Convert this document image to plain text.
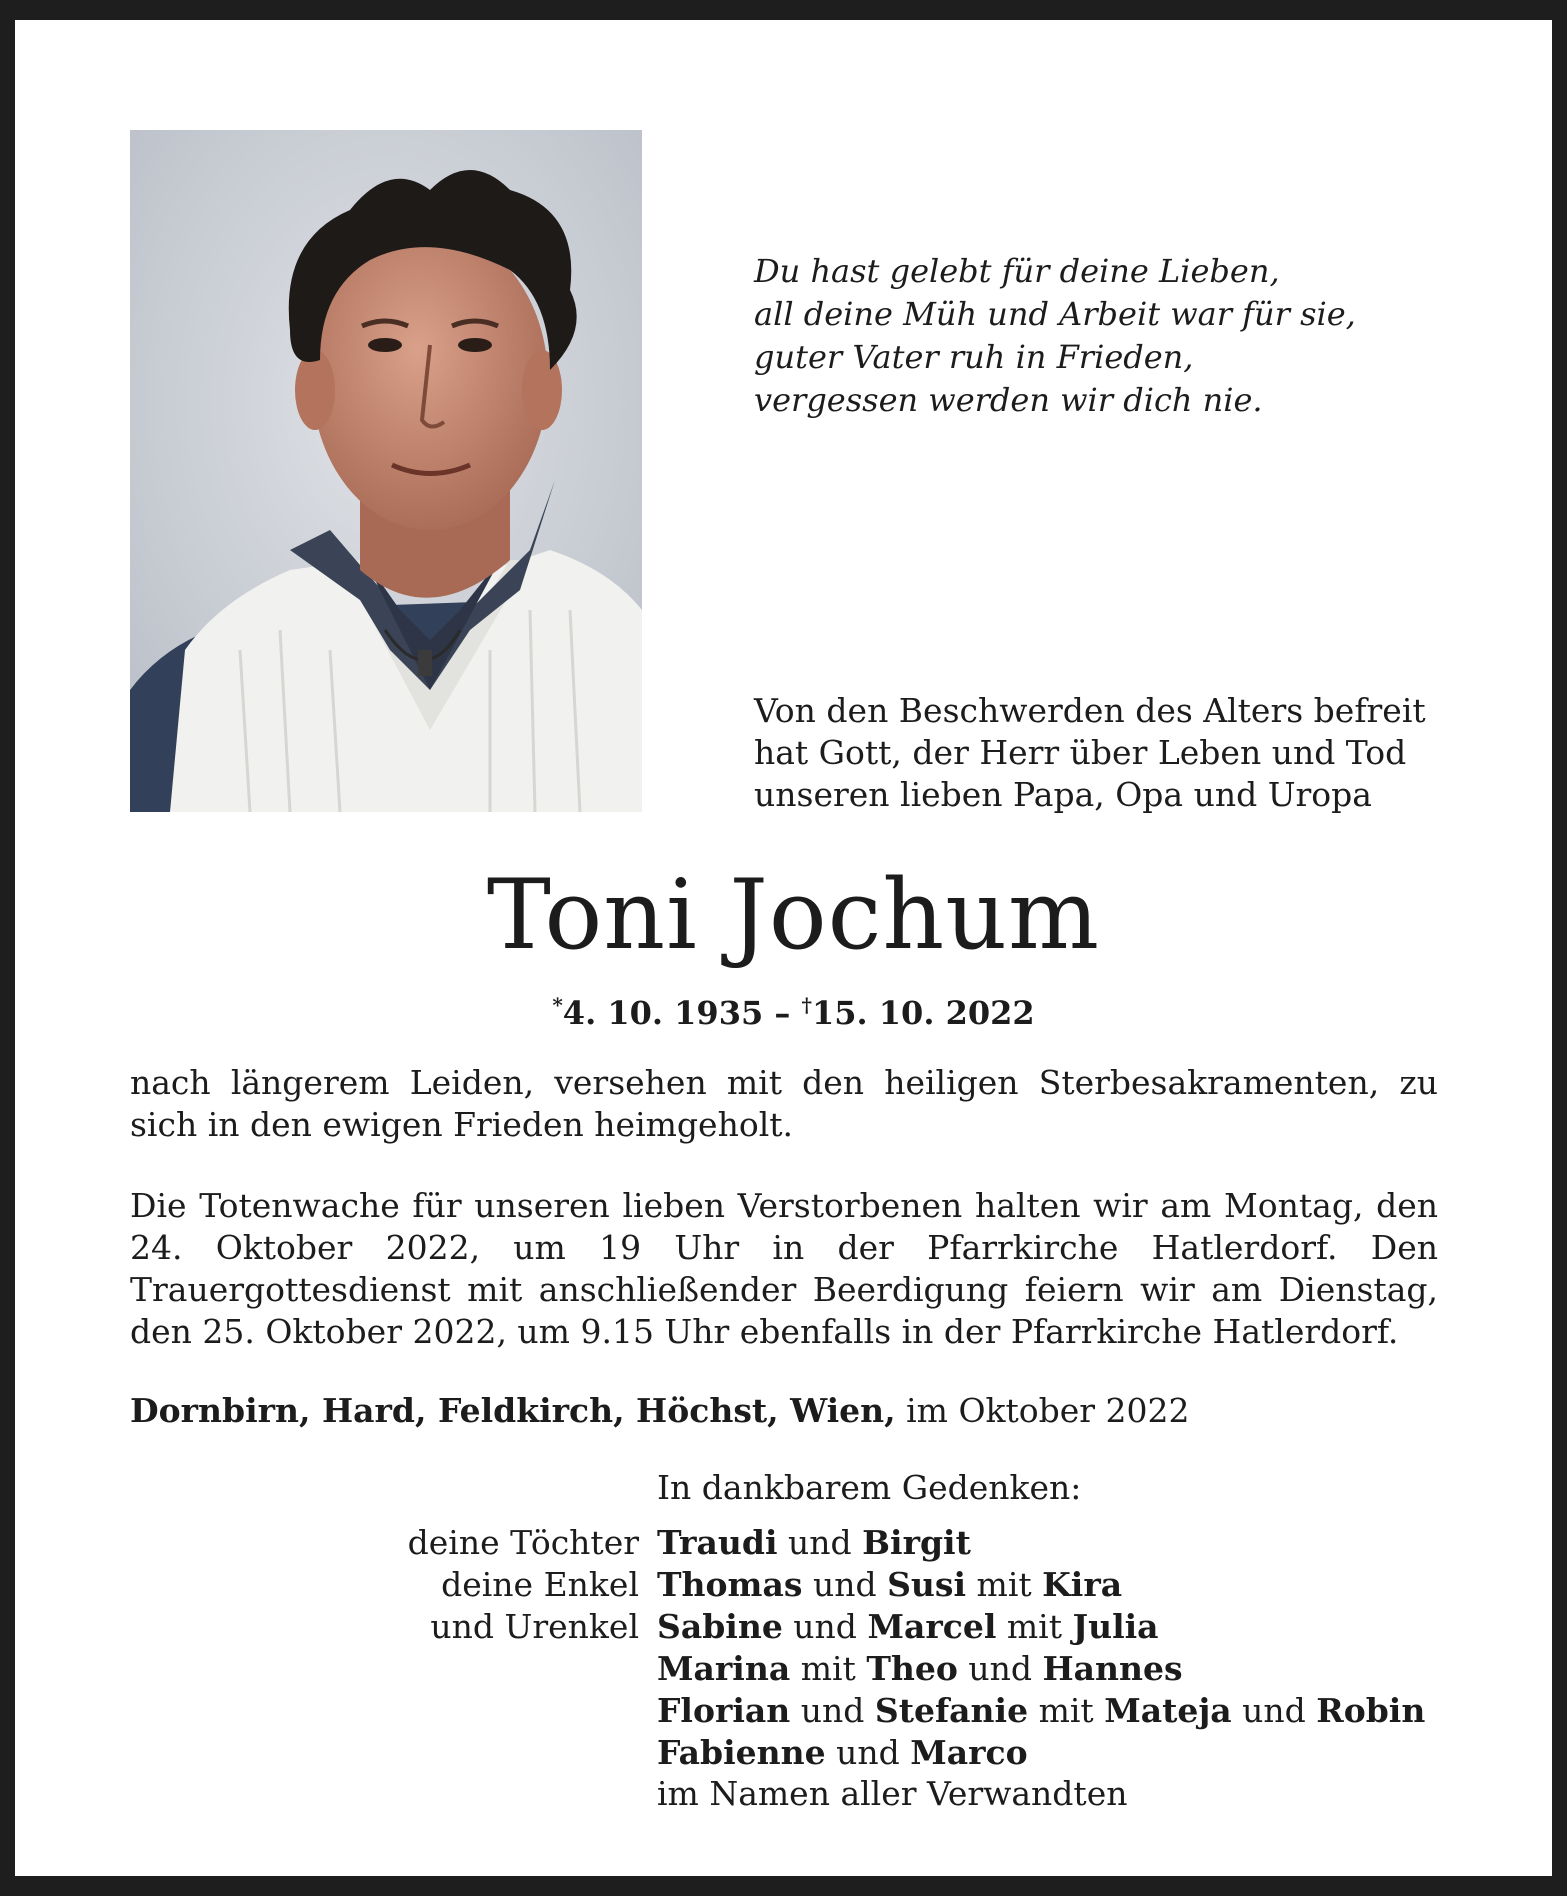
Du hast gelebt für deine Lieben,
all deine Müh und Arbeit war für sie,
guter Vater ruh in Frieden,
vergessen werden wir dich nie.
Von den Beschwerden des Alters befreit
hat Gott, der Herr über Leben und Tod
unseren lieben Papa, Opa und Uropa
Toni Jochum
*4. 10. 1935 – †15. 10. 2022
nach längerem Leiden, versehen mit den heiligen Sterbesakramenten, zu sich in den ewigen Frieden heimgeholt.
Die Totenwache für unseren lieben Verstorbenen halten wir am Montag, den 24. Oktober 2022, um 19 Uhr in der Pfarrkirche Hatlerdorf. Den Trauergottesdienst mit anschließender Beerdigung feiern wir am Dienstag, den 25. Oktober 2022, um 9.15 Uhr ebenfalls in der Pfarrkirche Hatlerdorf.
Dornbirn, Hard, Feldkirch, Höchst, Wien, im Oktober 2022
In dankbarem Gedenken:
deine Töchter Traudi und Birgit
deine Enkel Thomas und Susi mit Kira
und Urenkel Sabine und Marcel mit Julia
Marina mit Theo und Hannes
Florian und Stefanie mit Mateja und Robin
Fabienne und Marco
im Namen aller Verwandten
